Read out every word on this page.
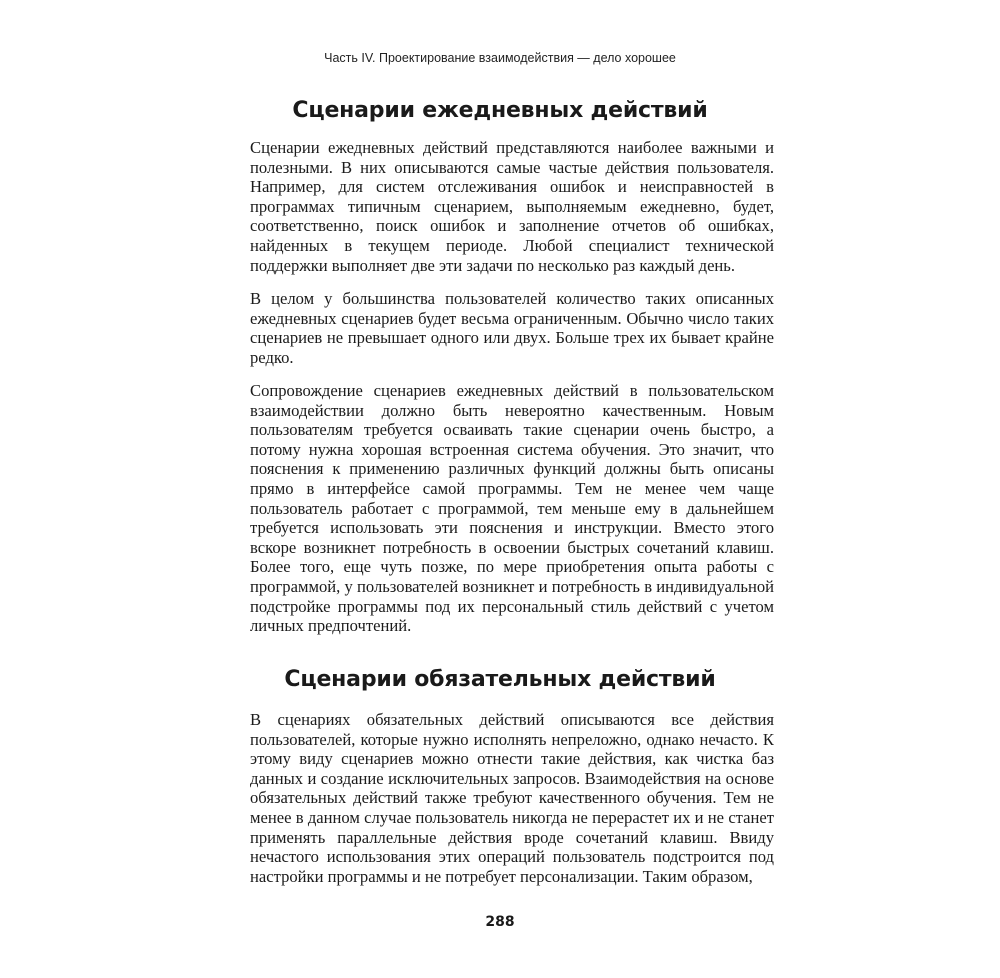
Часть IV. Проектирование взаимодействия — дело хорошее
Сценарии ежедневных действий

Сценарии ежедневных действий представляются наиболее важными и полезными. В них описываются самые частые действия пользователя. Например, для систем отслеживания ошибок и неисправностей в программах типичным сценарием, выполняемым ежедневно, будет, соответственно, поиск ошибок и заполнение отчетов об ошибках, найденных в текущем периоде. Любой специалист технической поддержки выполняет две эти задачи по несколько раз каждый день.

В целом у большинства пользователей количество таких описанных ежедневных сценариев будет весьма ограниченным. Обычно число таких сценариев не превышает одного или двух. Больше трех их бывает крайне редко.

Сопровождение сценариев ежедневных действий в пользовательском взаимодействии должно быть невероятно качественным. Новым пользователям требуется осваивать такие сценарии очень быстро, а потому нужна хорошая встроенная система обучения. Это значит, что пояснения к применению различных функций должны быть описаны прямо в интерфейсе самой программы. Тем не менее чем чаще пользователь работает с программой, тем меньше ему в дальнейшем требуется использовать эти пояснения и инструкции. Вместо этого вскоре возникнет потребность в освоении быстрых сочетаний клавиш. Более того, еще чуть позже, по мере приобретения опыта работы с программой, у пользователей возникнет и потребность в индивидуальной подстройке программы под их персональный стиль действий с учетом личных предпочтений.

Сценарии обязательных действий

В сценариях обязательных действий описываются все действия пользователей, которые нужно исполнять непреложно, однако нечасто. К этому виду сценариев можно отнести такие действия, как чистка баз данных и создание исключительных запросов. Взаимодействия на основе обязательных действий также требуют качественного обучения. Тем не менее в данном случае пользователь никогда не перерастет их и не станет применять параллельные действия вроде сочетаний клавиш. Ввиду нечастого использования этих операций пользователь подстроится под настройки программы и не потребует персонализации. Таким образом,

288
